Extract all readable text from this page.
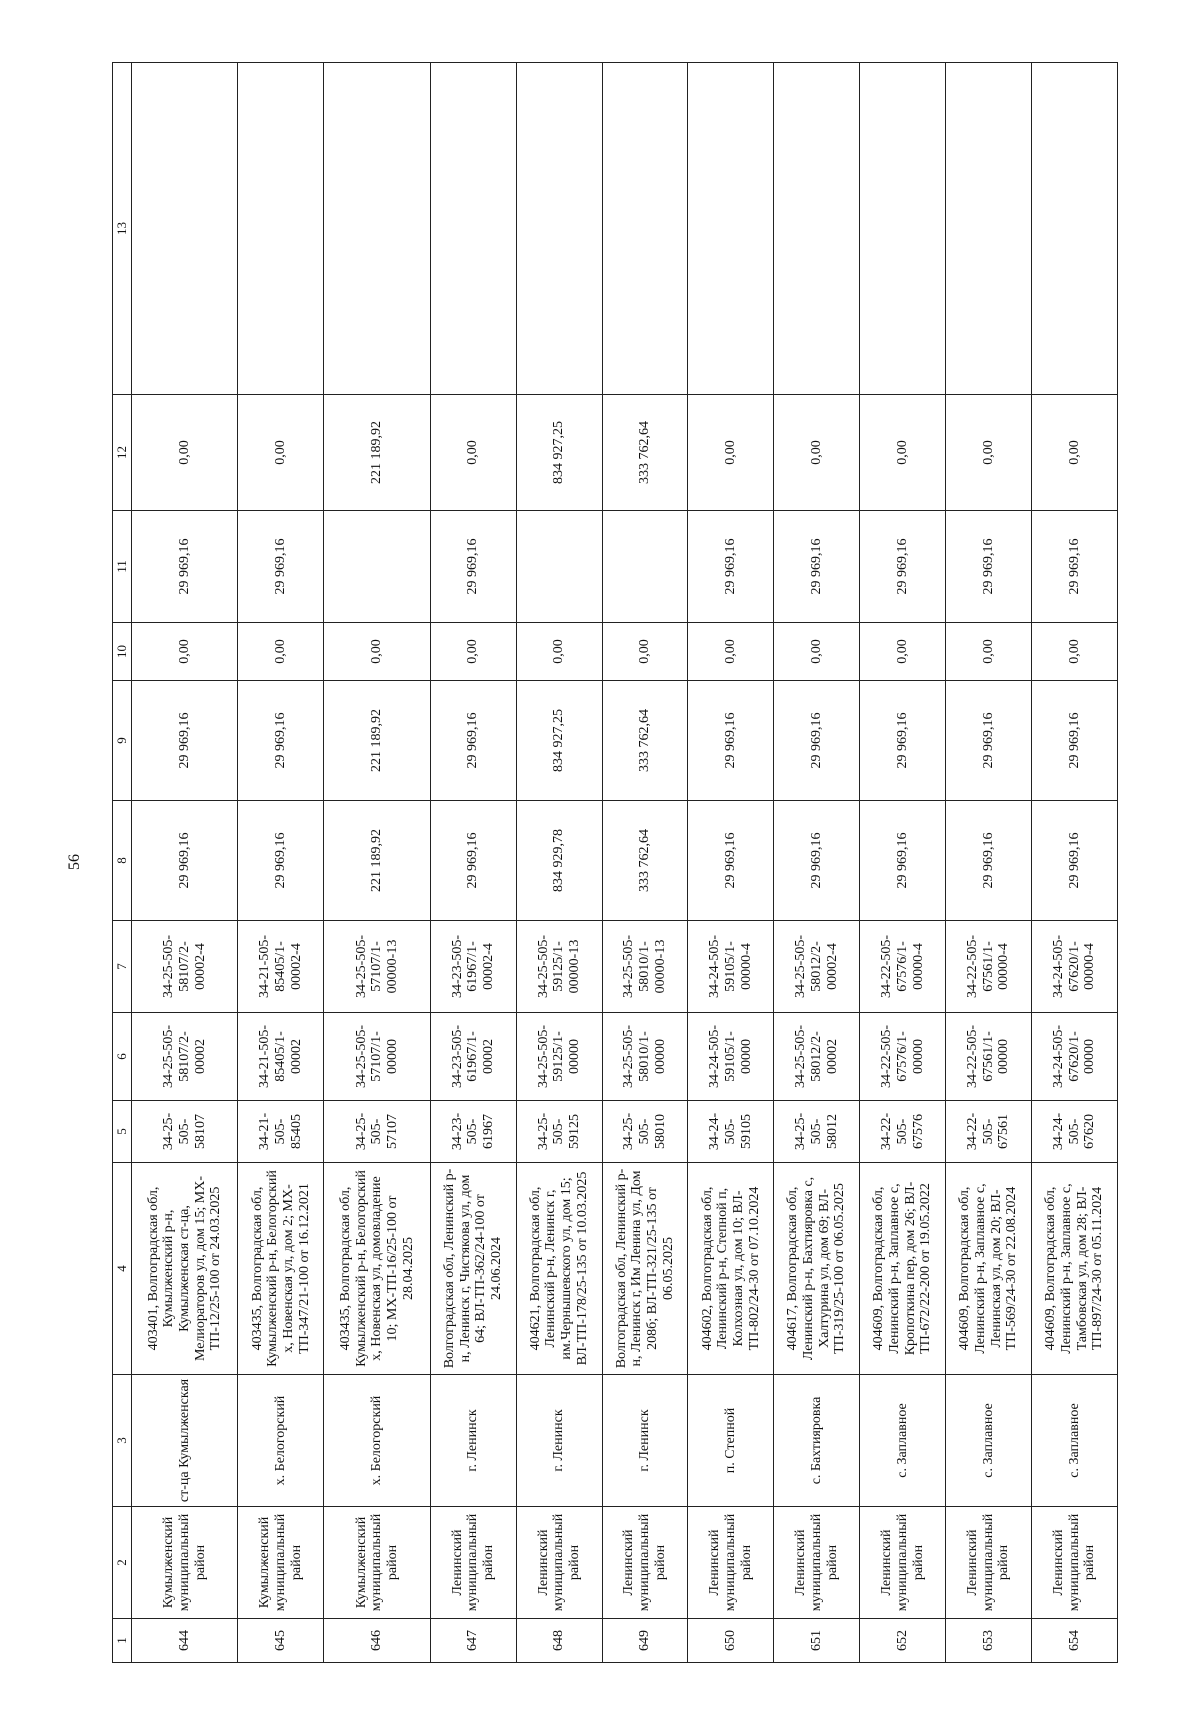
56
1	2	3	4	5	6	7	8	9	10	11	12	13
644	Кумылженский муниципальный район	ст-ца Кумылженская	403401, Волгоградская обл, Кумылженский р-н, Кумылженская ст-ца, Мелиораторов ул, дом 15; МХ-ТП-12/25-100 от 24.03.2025	34-25-505-58107	34-25-505-58107/2-00002	34-25-505-58107/2-00002-4	29 969,16	29 969,16	0,00	29 969,16	0,00	
645	Кумылженский муниципальный район	х. Белогорский	403435, Волгоградская обл, Кумылженский р-н, Белогорский х, Новенская ул, дом 2; МХ-ТП-347/21-100 от 16.12.2021	34-21-505-85405	34-21-505-85405/1-00002	34-21-505-85405/1-00002-4	29 969,16	29 969,16	0,00	29 969,16	0,00	
646	Кумылженский муниципальный район	х. Белогорский	403435, Волгоградская обл, Кумылженский р-н, Белогорский х, Новенская ул, домовладение 10; МХ-ТП-16/25-100 от 28.04.2025	34-25-505-57107	34-25-505-57107/1-00000	34-25-505-57107/1-00000-13	221 189,92	221 189,92	0,00		221 189,92	
647	Ленинский муниципальный район	г. Ленинск	Волгоградская обл, Ленинский р-н, Ленинск г, Чистякова ул, дом 64; ВЛ-ТП-362/24-100 от 24.06.2024	34-23-505-61967	34-23-505-61967/1-00002	34-23-505-61967/1-00002-4	29 969,16	29 969,16	0,00	29 969,16	0,00	
648	Ленинский муниципальный район	г. Ленинск	404621, Волгоградская обл, Ленинский р-н, Ленинск г, им.Чернышевского ул, дом 15; ВЛ-ТП-178/25-135 от 10.03.2025	34-25-505-59125	34-25-505-59125/1-00000	34-25-505-59125/1-00000-13	834 929,78	834 927,25	0,00		834 927,25	
649	Ленинский муниципальный район	г. Ленинск	Волгоградская обл, Ленинский р-н, Ленинск г, Им Ленина ул, Дом 208б; ВЛ-ТП-321/25-135 от 06.05.2025	34-25-505-58010	34-25-505-58010/1-00000	34-25-505-58010/1-00000-13	333 762,64	333 762,64	0,00		333 762,64	
650	Ленинский муниципальный район	п. Степной	404602, Волгоградская обл, Ленинский р-н, Степной п, Колхозная ул, дом 10; ВЛ-ТП-802/24-30 от 07.10.2024	34-24-505-59105	34-24-505-59105/1-00000	34-24-505-59105/1-00000-4	29 969,16	29 969,16	0,00	29 969,16	0,00	
651	Ленинский муниципальный район	с. Бахтияровка	404617, Волгоградская обл, Ленинский р-н, Бахтияровка с, Халтурина ул, дом 69; ВЛ-ТП-319/25-100 от 06.05.2025	34-25-505-58012	34-25-505-58012/2-00002	34-25-505-58012/2-00002-4	29 969,16	29 969,16	0,00	29 969,16	0,00	
652	Ленинский муниципальный район	с. Заплавное	404609, Волгоградская обл, Ленинский р-н, Заплавное с, Кропоткина пер, дом 26; ВЛ-ТП-672/22-200 от 19.05.2022	34-22-505-67576	34-22-505-67576/1-00000	34-22-505-67576/1-00000-4	29 969,16	29 969,16	0,00	29 969,16	0,00	
653	Ленинский муниципальный район	с. Заплавное	404609, Волгоградская обл, Ленинский р-н, Заплавное с, Ленинская ул, дом 20; ВЛ-ТП-569/24-30 от 22.08.2024	34-22-505-67561	34-22-505-67561/1-00000	34-22-505-67561/1-00000-4	29 969,16	29 969,16	0,00	29 969,16	0,00	
654	Ленинский муниципальный район	с. Заплавное	404609, Волгоградская обл, Ленинский р-н, Заплавное с, Тамбовская ул, дом 28; ВЛ-ТП-897/24-30 от 05.11.2024	34-24-505-67620	34-24-505-67620/1-00000	34-24-505-67620/1-00000-4	29 969,16	29 969,16	0,00	29 969,16	0,00	
